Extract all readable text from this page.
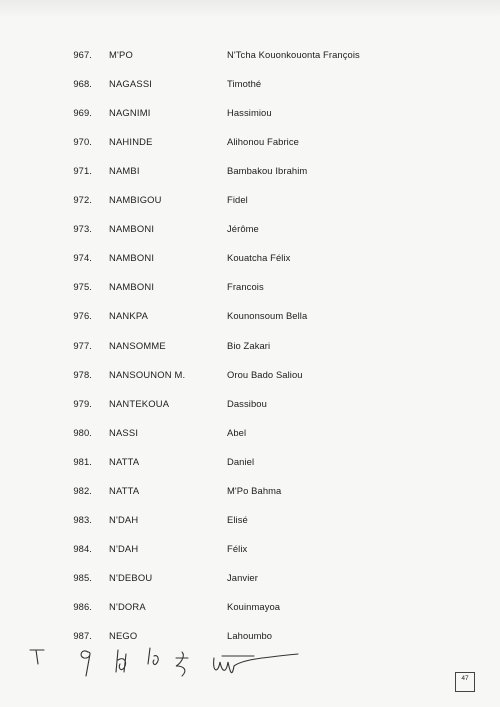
967. M'PO	N'Tcha Kouonkouonta François
968. NAGASSI	Timothé
969. NAGNIMI	Hassimiou
970. NAHINDE	Alihonou Fabrice
971. NAMBI	Bambakou Ibrahim
972. NAMBIGOU	Fidel
973. NAMBONI	Jérôme
974. NAMBONI	Kouatcha Félix
975. NAMBONI	Francois
976. NANKPA	Kounonsoum Bella
977. NANSOMME	Bio Zakari
978. NANSOUNON M.	Orou Bado Saliou
979. NANTEKOUA	Dassibou
980. NASSI	Abel
981. NATTA	Daniel
982. NATTA	M'Po Bahma
983. N'DAH	Elisé
984. N'DAH	Félix
985. N'DEBOU	Janvier
986. N'DORA	Kouinmayoa
987. NEGO	Lahoumbo
47
